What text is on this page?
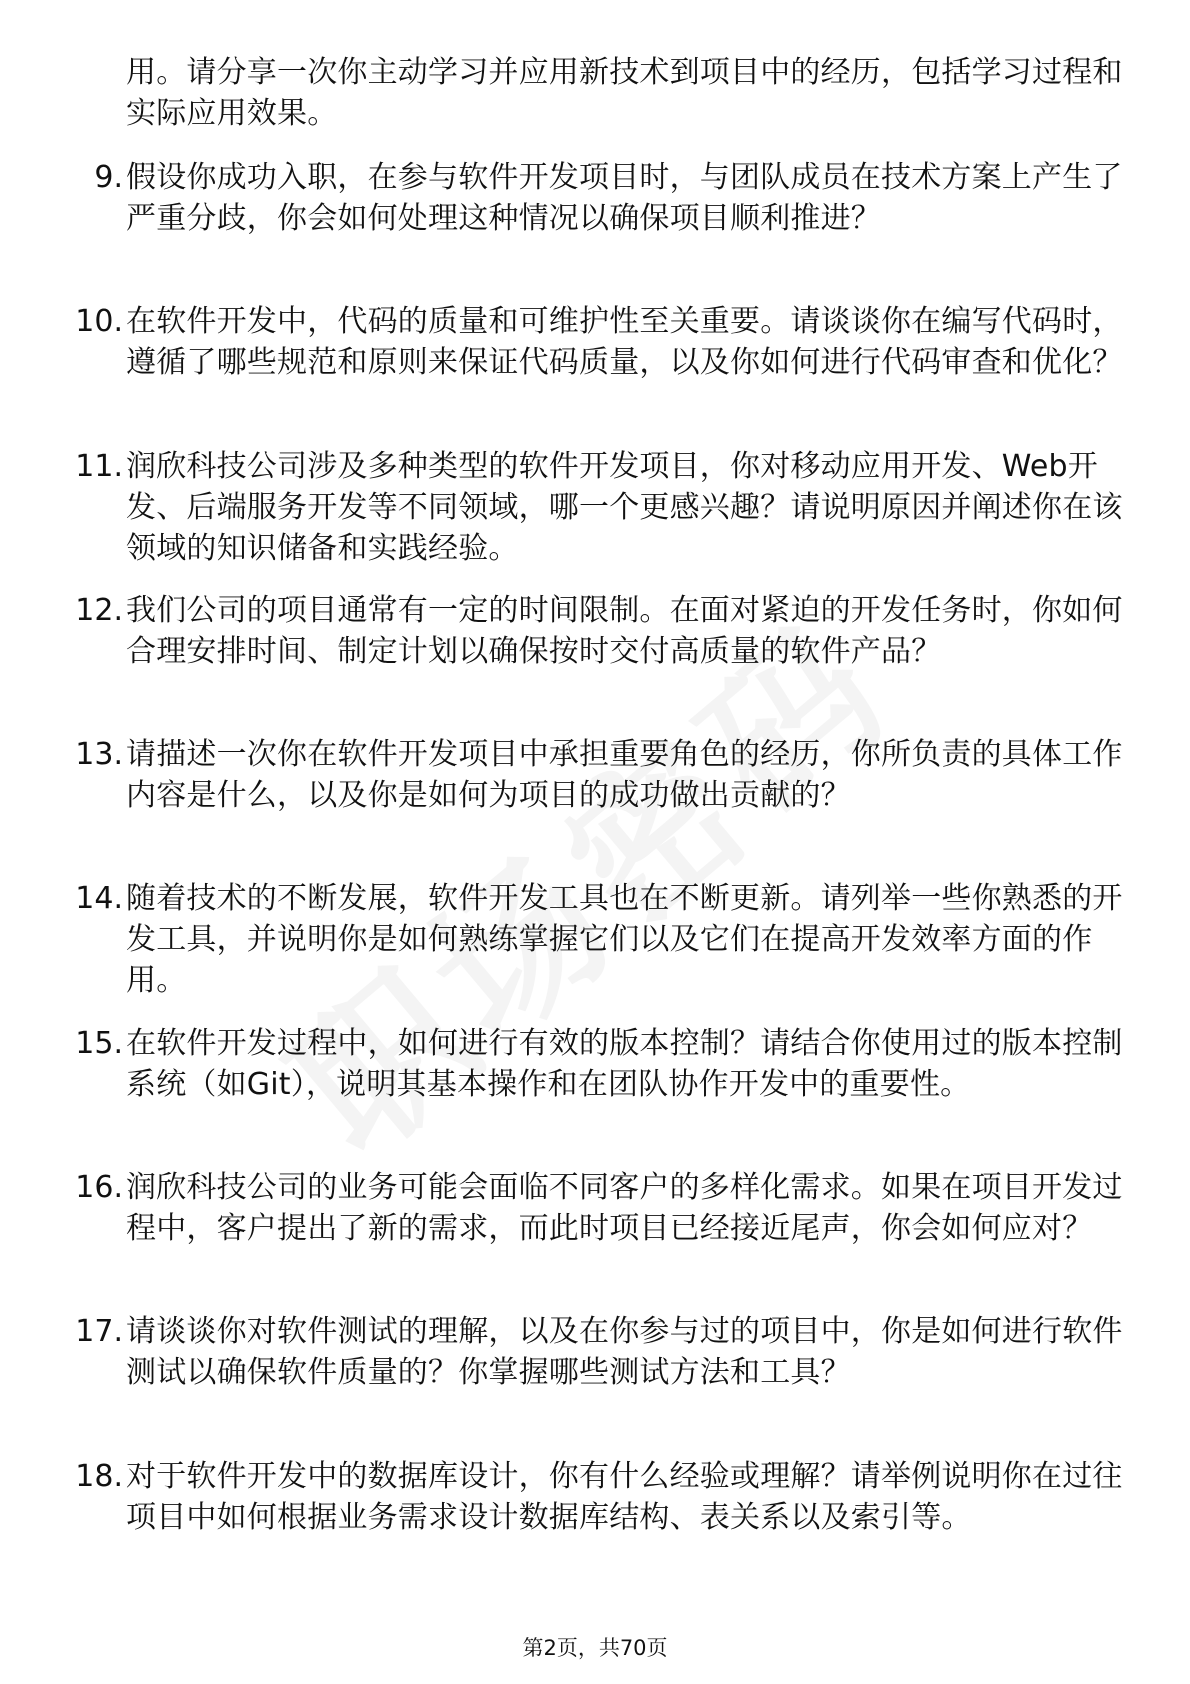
用。请分享一次你主动学习并应用新技术到项目中的经历，包括学习过程和实际应用效果。
9. 假设你成功入职，在参与软件开发项目时，与团队成员在技术方案上产生了严重分歧，你会如何处理这种情况以确保项目顺利推进？
10. 在软件开发中，代码的质量和可维护性至关重要。请谈谈你在编写代码时，遵循了哪些规范和原则来保证代码质量，以及你如何进行代码审查和优化？
11. 润欣科技公司涉及多种类型的软件开发项目，你对移动应用开发、Web开发、后端服务开发等不同领域，哪一个更感兴趣？请说明原因并阐述你在该领域的知识储备和实践经验。
12. 我们公司的项目通常有一定的时间限制。在面对紧迫的开发任务时，你如何合理安排时间、制定计划以确保按时交付高质量的软件产品？
13. 请描述一次你在软件开发项目中承担重要角色的经历，你所负责的具体工作内容是什么，以及你是如何为项目的成功做出贡献的？
14. 随着技术的不断发展，软件开发工具也在不断更新。请列举一些你熟悉的开发工具，并说明你是如何熟练掌握它们以及它们在提高开发效率方面的作用。
15. 在软件开发过程中，如何进行有效的版本控制？请结合你使用过的版本控制系统（如Git），说明其基本操作和在团队协作开发中的重要性。
16. 润欣科技公司的业务可能会面临不同客户的多样化需求。如果在项目开发过程中，客户提出了新的需求，而此时项目已经接近尾声，你会如何应对？
17. 请谈谈你对软件测试的理解，以及在你参与过的项目中，你是如何进行软件测试以确保软件质量的？你掌握哪些测试方法和工具？
18. 对于软件开发中的数据库设计，你有什么经验或理解？请举例说明你在过往项目中如何根据业务需求设计数据库结构、表关系以及索引等。
第2页，共70页
